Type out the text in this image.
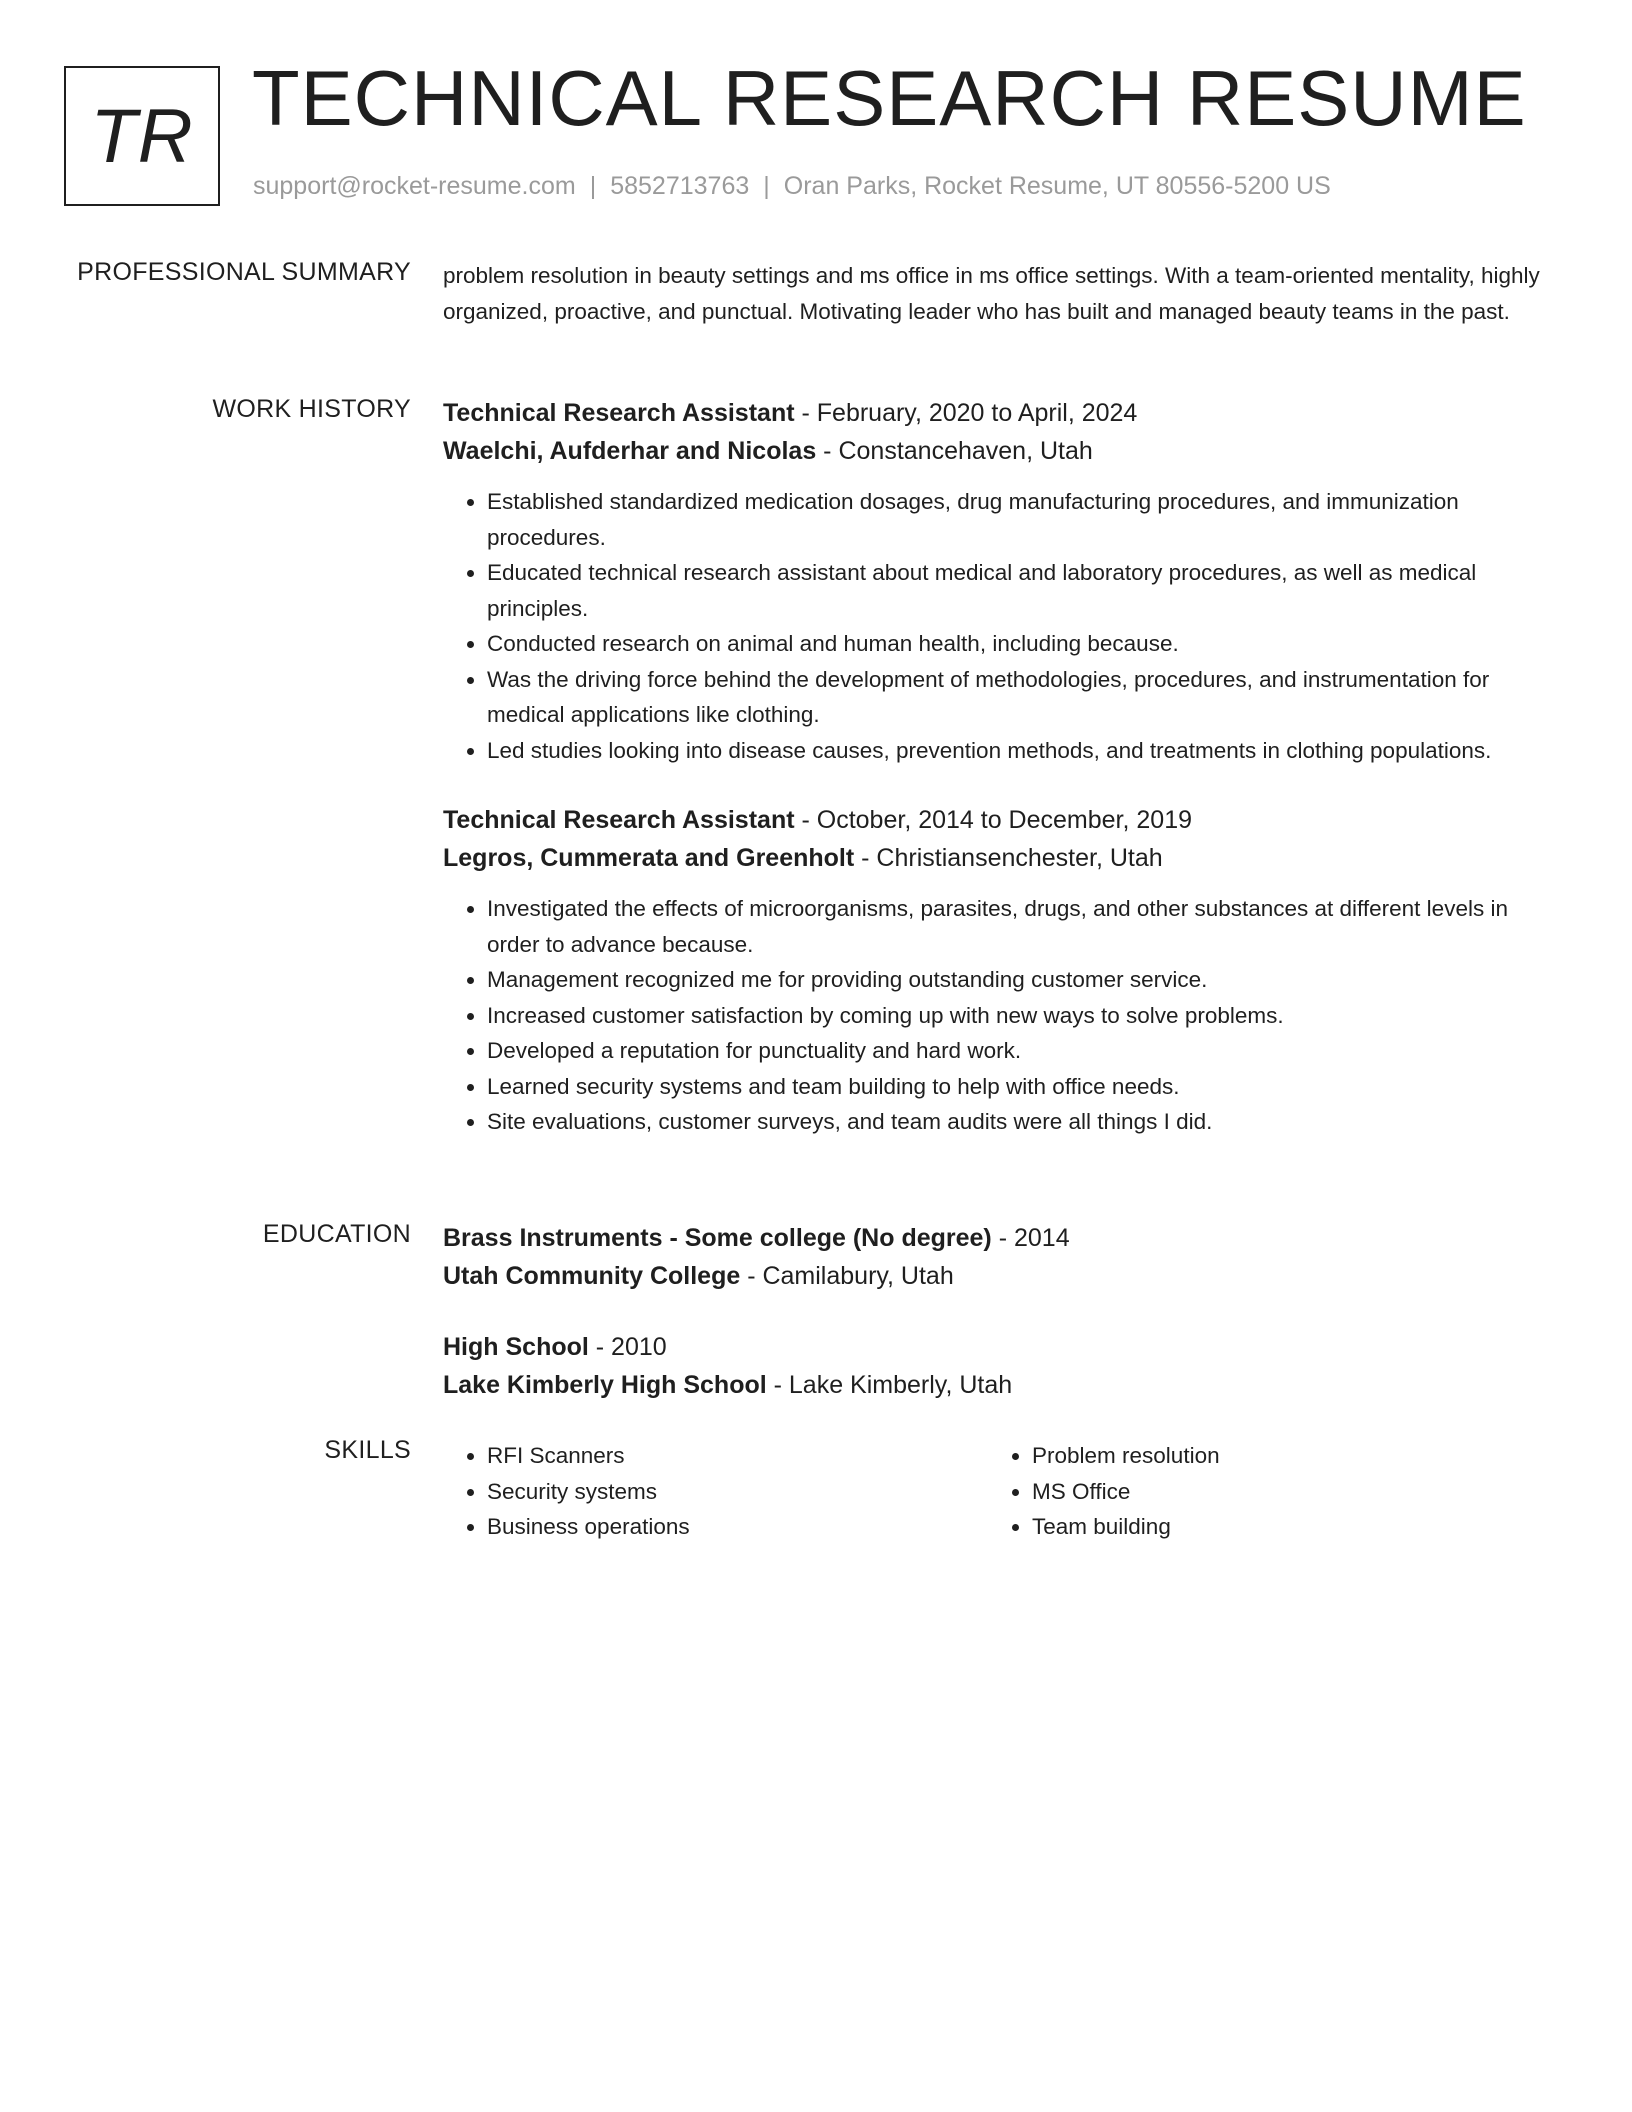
TR TECHNICAL RESEARCH RESUME
support@rocket-resume.com | 5852713763 | Oran Parks, Rocket Resume, UT 80556-5200 US
PROFESSIONAL SUMMARY problem resolution in beauty settings and ms office in ms office settings. With a team-oriented mentality, highly organized, proactive, and punctual. Motivating leader who has built and managed beauty teams in the past.
WORK HISTORY Technical Research Assistant - February, 2020 to April, 2024
Waelchi, Aufderhar and Nicolas - Constancehaven, Utah
• Established standardized medication dosages, drug manufacturing procedures, and immunization procedures.
• Educated technical research assistant about medical and laboratory procedures, as well as medical principles.
• Conducted research on animal and human health, including because.
• Was the driving force behind the development of methodologies, procedures, and instrumentation for medical applications like clothing.
• Led studies looking into disease causes, prevention methods, and treatments in clothing populations.
Technical Research Assistant - October, 2014 to December, 2019
Legros, Cummerata and Greenholt - Christiansenchester, Utah
• Investigated the effects of microorganisms, parasites, drugs, and other substances at different levels in order to advance because.
• Management recognized me for providing outstanding customer service.
• Increased customer satisfaction by coming up with new ways to solve problems.
• Developed a reputation for punctuality and hard work.
• Learned security systems and team building to help with office needs.
• Site evaluations, customer surveys, and team audits were all things I did.
EDUCATION Brass Instruments - Some college (No degree) - 2014
Utah Community College - Camilabury, Utah
High School - 2010
Lake Kimberly High School - Lake Kimberly, Utah
SKILLS
•	RFI Scanners
• Security systems
• Business operations
• Problem resolution
• MS Office
• Team building
